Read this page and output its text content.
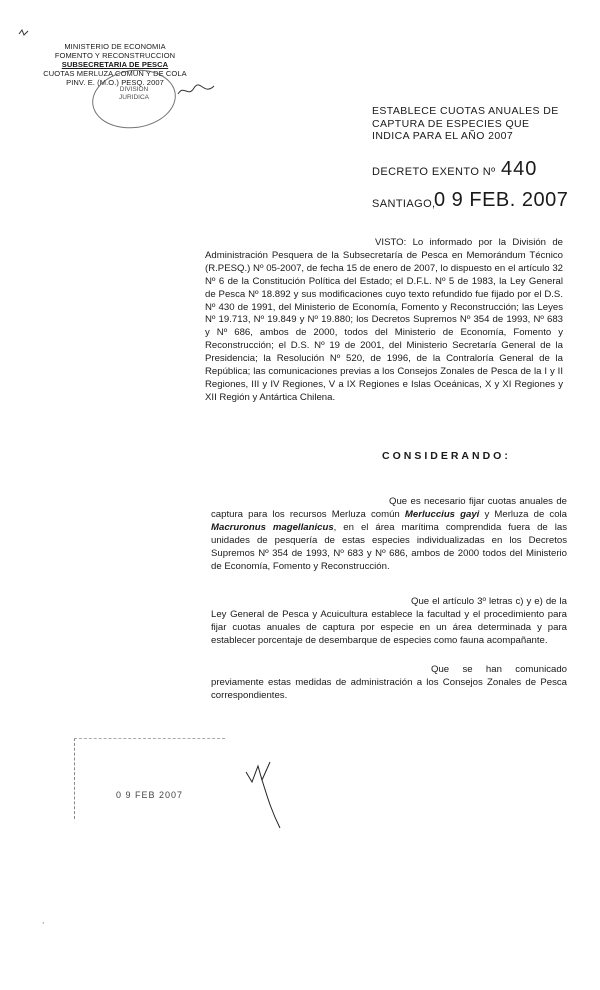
MINISTERIO DE ECONOMIA
FOMENTO Y RECONSTRUCCION
SUBSECRETARIA DE PESCA
CUOTAS MERLUZA COMUN Y DE COLA
PINV. E. (M.O.) PESQ. 2007
DIVISION
JURIDICA
ESTABLECE CUOTAS ANUALES DE
CAPTURA DE ESPECIES QUE
INDICA PARA EL AÑO 2007
DECRETO EXENTO Nº 440
SANTIAGO,
0 9 FEB. 2007
VISTO: Lo informado por la División de Administración Pesquera de la Subsecretaría de Pesca en Memorándum Técnico (R.PESQ.) Nº 05-2007, de fecha 15 de enero de 2007, lo dispuesto en el artículo 32 Nº 6 de la Constitución Política del Estado; el D.F.L. Nº 5 de 1983, la Ley General de Pesca Nº 18.892 y sus modificaciones cuyo texto refundido fue fijado por el D.S. Nº 430 de 1991, del Ministerio de Economía, Fomento y Reconstrucción; las Leyes Nº 19.713, Nº 19.849 y Nº 19.880; los Decretos Supremos Nº 354 de 1993, Nº 683 y Nº 686, ambos de 2000, todos del Ministerio de Economía, Fomento y Reconstrucción; el D.S. Nº 19 de 2001, del Ministerio Secretaría General de la Presidencia; la Resolución Nº 520, de 1996, de la Contraloría General de la República; las comunicaciones previas a los Consejos Zonales de Pesca de la I y II Regiones, III y IV Regiones, V a IX Regiones e Islas Oceánicas, X y XI Regiones y XII Región y Antártica Chilena.
CONSIDERANDO:
Que es necesario fijar cuotas anuales de captura para los recursos Merluza común Merluccius gayi y Merluza de cola Macruronus magellanicus, en el área marítima comprendida fuera de las unidades de pesquería de estas especies individualizadas en los Decretos Supremos Nº 354 de 1993, Nº 683 y Nº 686, ambos de 2000 todos del Ministerio de Economía, Fomento y Reconstrucción.
Que el artículo 3º letras c) y e) de la Ley General de Pesca y Acuicultura establece la facultad y el procedimiento para fijar cuotas anuales de captura por especie en un área determinada y para establecer porcentaje de desembarque de especies como fauna acompañante.
Que se han comunicado previamente estas medidas de administración a los Consejos Zonales de Pesca correspondientes.
0 9 FEB 2007
,
